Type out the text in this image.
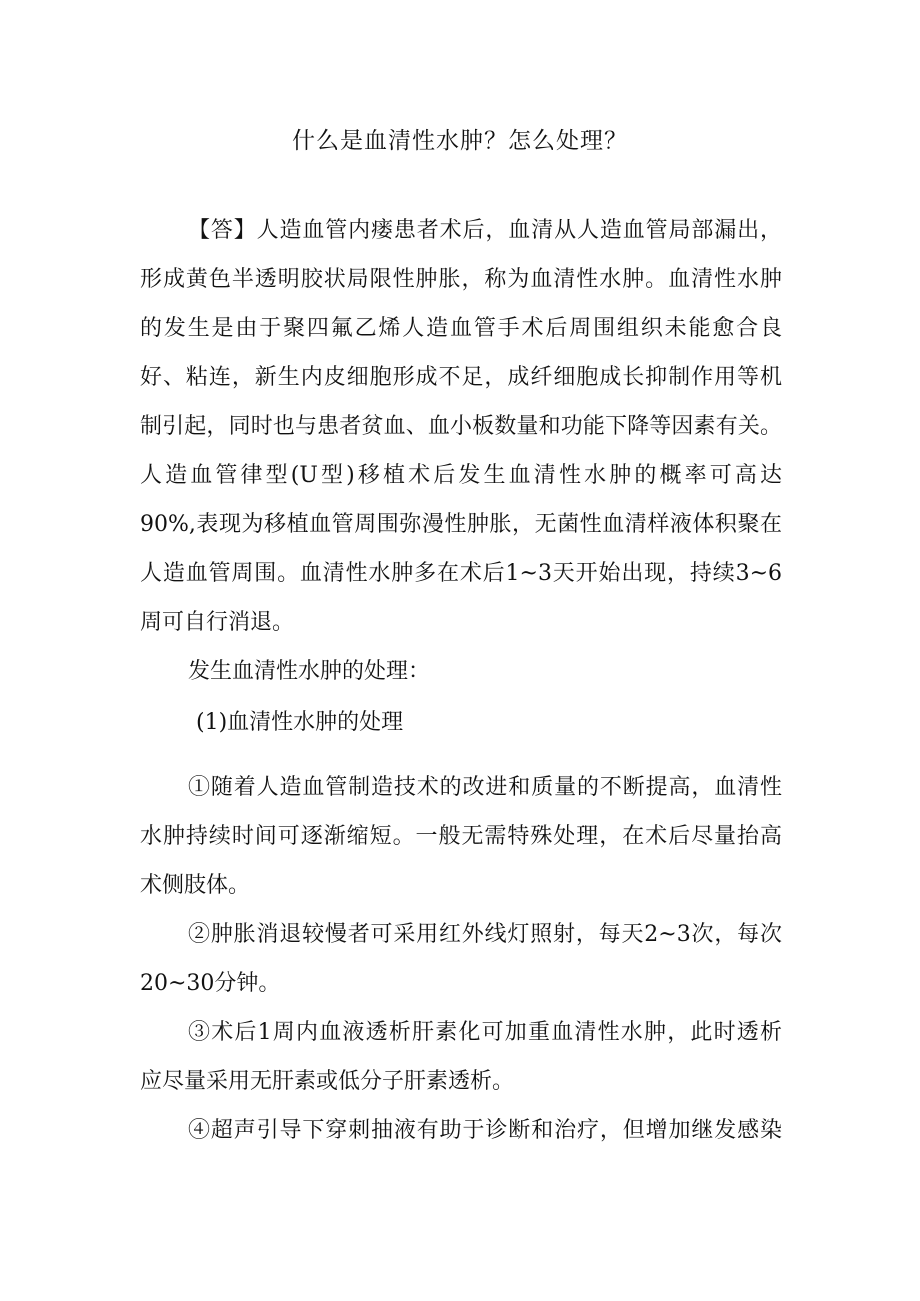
什么是血清性水肿？怎么处理？
【答】人造血管内瘘患者术后，血清从人造血管局部漏出，
形成黄色半透明胶状局限性肿胀，称为血清性水肿。血清性水肿
的发生是由于聚四氟乙烯人造血管手术后周围组织未能愈合良
好、粘连，新生内皮细胞形成不足，成纤细胞成长抑制作用等机
制引起，同时也与患者贫血、血小板数量和功能下降等因素有关。
人造血管律型(U型)移植术后发生血清性水肿的概率可高达
90%,表现为移植血管周围弥漫性肿胀，无菌性血清样液体积聚在
人造血管周围。血清性水肿多在术后1~3天开始出现，持续3~6
周可自行消退。
发生血清性水肿的处理：
(1)血清性水肿的处理
①随着人造血管制造技术的改进和质量的不断提高，血清性
水肿持续时间可逐渐缩短。一般无需特殊处理，在术后尽量抬高
术侧肢体。
②肿胀消退较慢者可采用红外线灯照射，每天2~3次，每次
20~30分钟。
③术后1周内血液透析肝素化可加重血清性水肿，此时透析
应尽量采用无肝素或低分子肝素透析。
④超声引导下穿刺抽液有助于诊断和治疗，但增加继发感染
